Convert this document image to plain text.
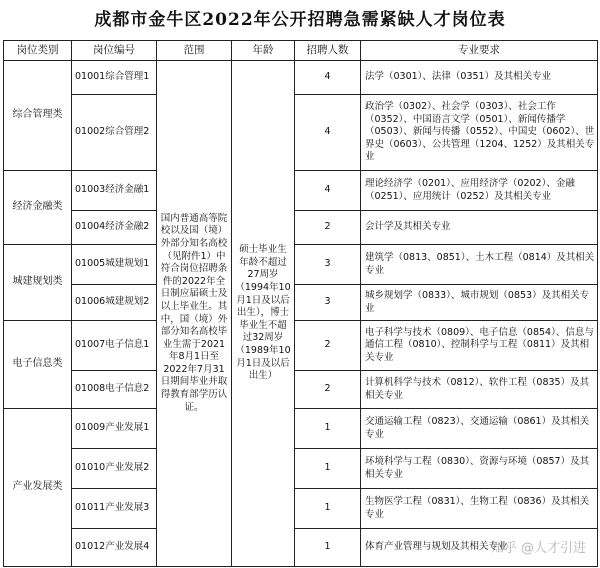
成都市金牛区2022年公开招聘急需紧缺人才岗位表
岗位类别	岗位编号	范围	年龄	招聘人数	专业要求
综合管理类	01001综合管理1	国内普通高等院校以及国（境）外部分知名高校（见附件1）中符合岗位招聘条件的2022年全日制应届硕士及以上毕业生。其中，国（境）外部分知名高校毕业生需于2021年8月1日至2022年7月31日期间毕业并取得教育部学历认证。	硕士毕业生年龄不超过27周岁（1994年10月1日及以后出生），博士毕业生不超过32周岁（1989年10月1日及以后出生）	4	法学（0301）、法律（0351）及其相关专业
	01002综合管理2			4	政治学（0302）、社会学（0303）、社会工作（0352）、中国语言文学（0501）、新闻传播学（0503）、新闻与传播（0552）、中国史（0602）、世界史（0603）、公共管理（1204、1252）及其相关专业
经济金融类	01003经济金融1			4	理论经济学（0201）、应用经济学（0202）、金融（0251）、应用统计（0252）及其相关专业
	01004经济金融2			2	会计学及其相关专业
城建规划类	01005城建规划1			3	建筑学（0813、0851）、土木工程（0814）及其相关专业
	01006城建规划2			3	城乡规划学（0833）、城市规划（0853）及其相关专业
电子信息类	01007电子信息1			2	电子科学与技术（0809）、电子信息（0854）、信息与通信工程（0810）、控制科学与工程（0811）及其相关专业
	01008电子信息2			2	计算机科学与技术（0812）、软件工程（0835）及其相关专业
产业发展类	01009产业发展1			1	交通运输工程（0823）、交通运输（0861）及其相关专业
	01010产业发展2			1	环境科学与工程（0830）、资源与环境（0857）及其相关专业
	01011产业发展3			1	生物医学工程（0831）、生物工程（0836）及其相关专业
	01012产业发展4			1	体育产业管理与规划及其相关专业
知乎 @人才引进
